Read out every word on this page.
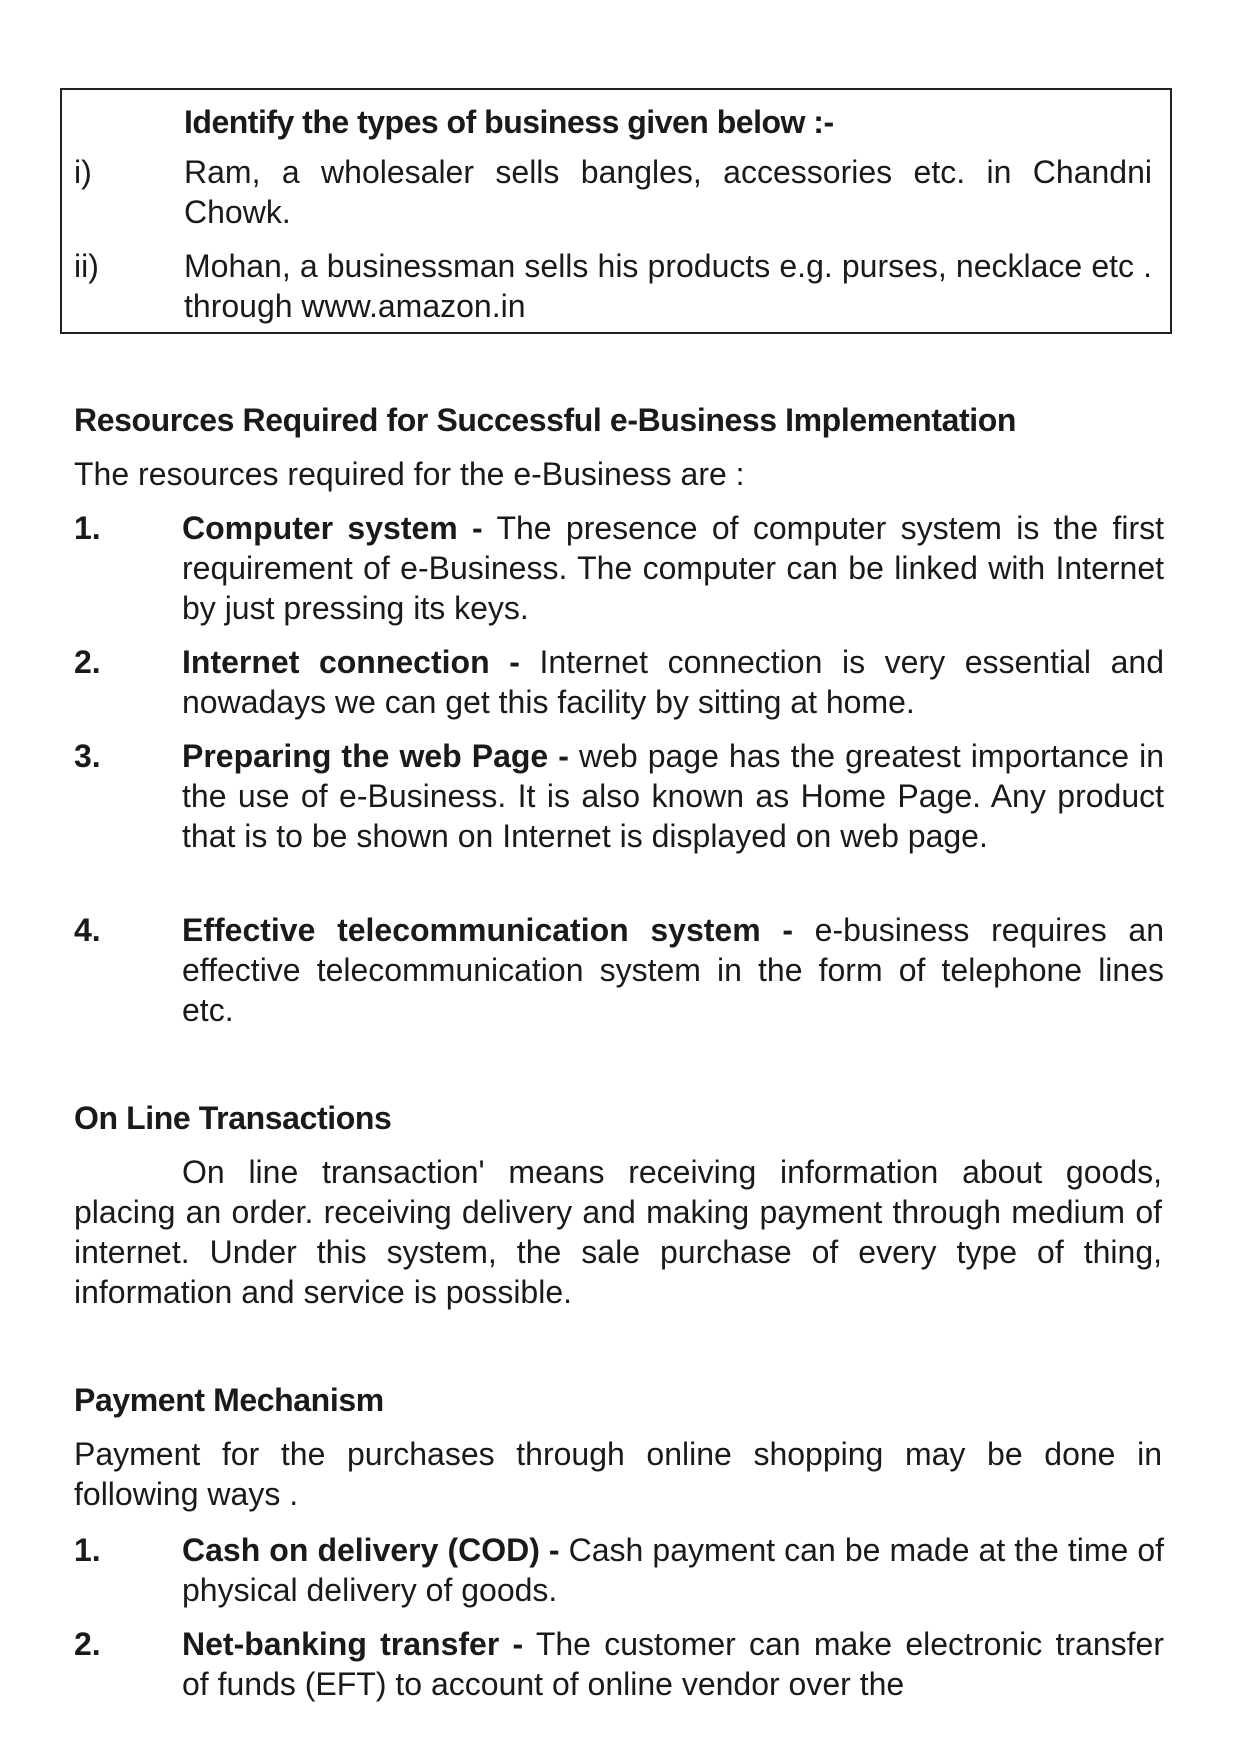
Identify the types of business given below :-
i)	Ram, a wholesaler sells bangles, accessories etc. in Chandni Chowk.
ii)	Mohan, a businessman sells his products e.g. purses, necklace etc . through www.amazon.in
Resources Required for Successful e-Business Implementation
The resources required for the e-Business are :
1.	Computer system - The presence of computer system is the first requirement of e-Business. The computer can be linked with Internet by just pressing its keys.
2.	Internet connection - Internet connection is very essential and nowadays we can get this facility by sitting at home.
3.	Preparing the web Page - web page has the greatest importance in the use of e-Business. It is also known as Home Page. Any product that is to be shown on Internet is displayed on web page.
4.	Effective telecommunication system - e-business requires an effective telecommunication system in the form of telephone lines etc.
On Line Transactions
On line transaction' means receiving information about goods, placing an order. receiving delivery and making payment through medium of internet. Under this system, the sale purchase of every type of thing, information and service is possible.
Payment Mechanism
Payment for the purchases through online shopping may be done in following ways .
1.	Cash on delivery (COD) - Cash payment can be made at the time of physical delivery of goods.
2.	Net-banking transfer - The customer can make electronic transfer of funds (EFT) to account of online vendor over the
